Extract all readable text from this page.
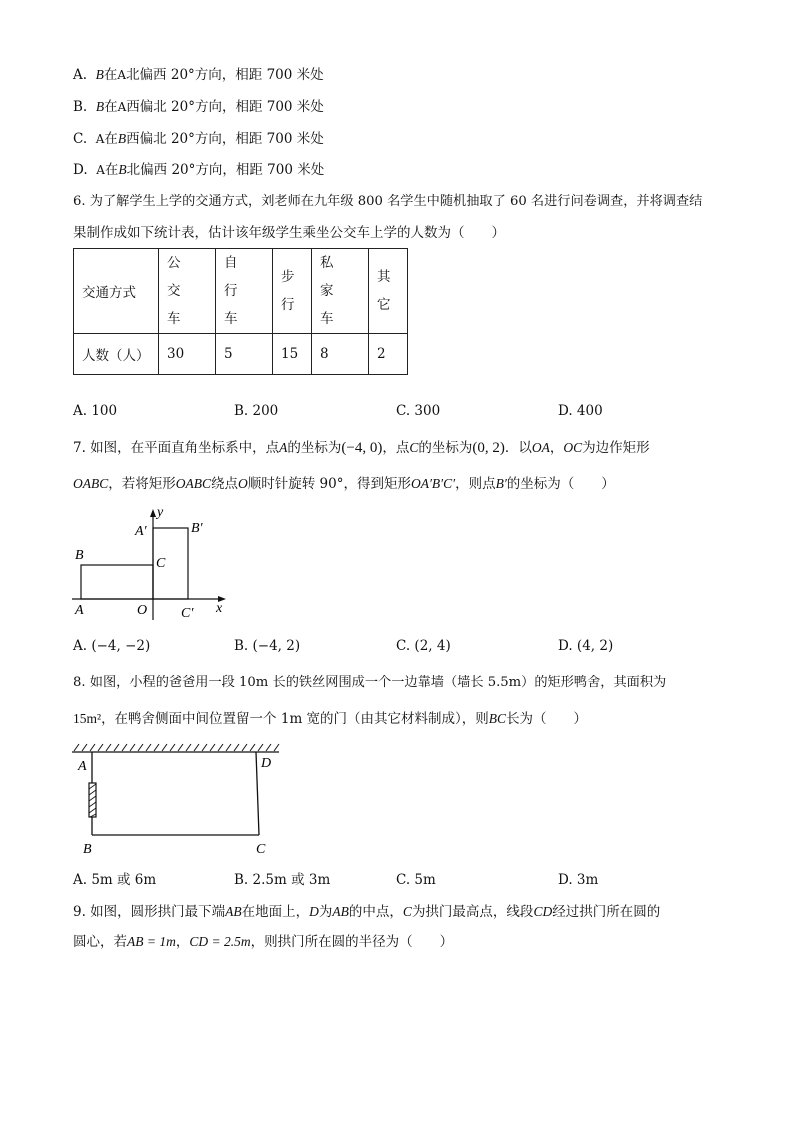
A. B在A北偏西 20°方向，相距 700 米处
B. B在A西偏北 20°方向，相距 700 米处
C. A在B西偏北 20°方向，相距 700 米处
D. A在B北偏西 20°方向，相距 700 米处
6. 为了解学生上学的交通方式，刘老师在九年级 800 名学生中随机抽取了 60 名进行问卷调查，并将调查结
果制作成如下统计表，估计该年级学生乘坐公交车上学的人数为（　　）
交通方式	公交车	自行车	步行	私家车	其它

人数（人）	30	5	15	8	2
A. 100	B. 200	C. 300	D. 400
7. 如图，在平面直角坐标系中，点A的坐标为(−4, 0)，点C的坐标为(0, 2)．以OA，OC为边作矩形
OABC，若将矩形OABC绕点O顺时针旋转 90°，得到矩形OA′B′C′，则点B′的坐标为（　　）
y
x
A′	B′
B
C
A	O C′
A. (−4, −2)	B. (−4, 2)	C. (2, 4)	D. (4, 2)
8. 如图，小程的爸爸用一段 10m 长的铁丝网围成一个一边靠墙（墙长 5.5m）的矩形鸭舍，其面积为
15m²，在鸭舍侧面中间位置留一个 1m 宽的门（由其它材料制成），则BC长为（　　）
A	D
B	C
A. 5m 或 6m	B. 2.5m 或 3m	C. 5m	D. 3m
9. 如图，圆形拱门最下端AB在地面上，D为AB的中点，C为拱门最高点，线段CD经过拱门所在圆的
圆心，若AB = 1m，CD = 2.5m，则拱门所在圆的半径为（　　）
